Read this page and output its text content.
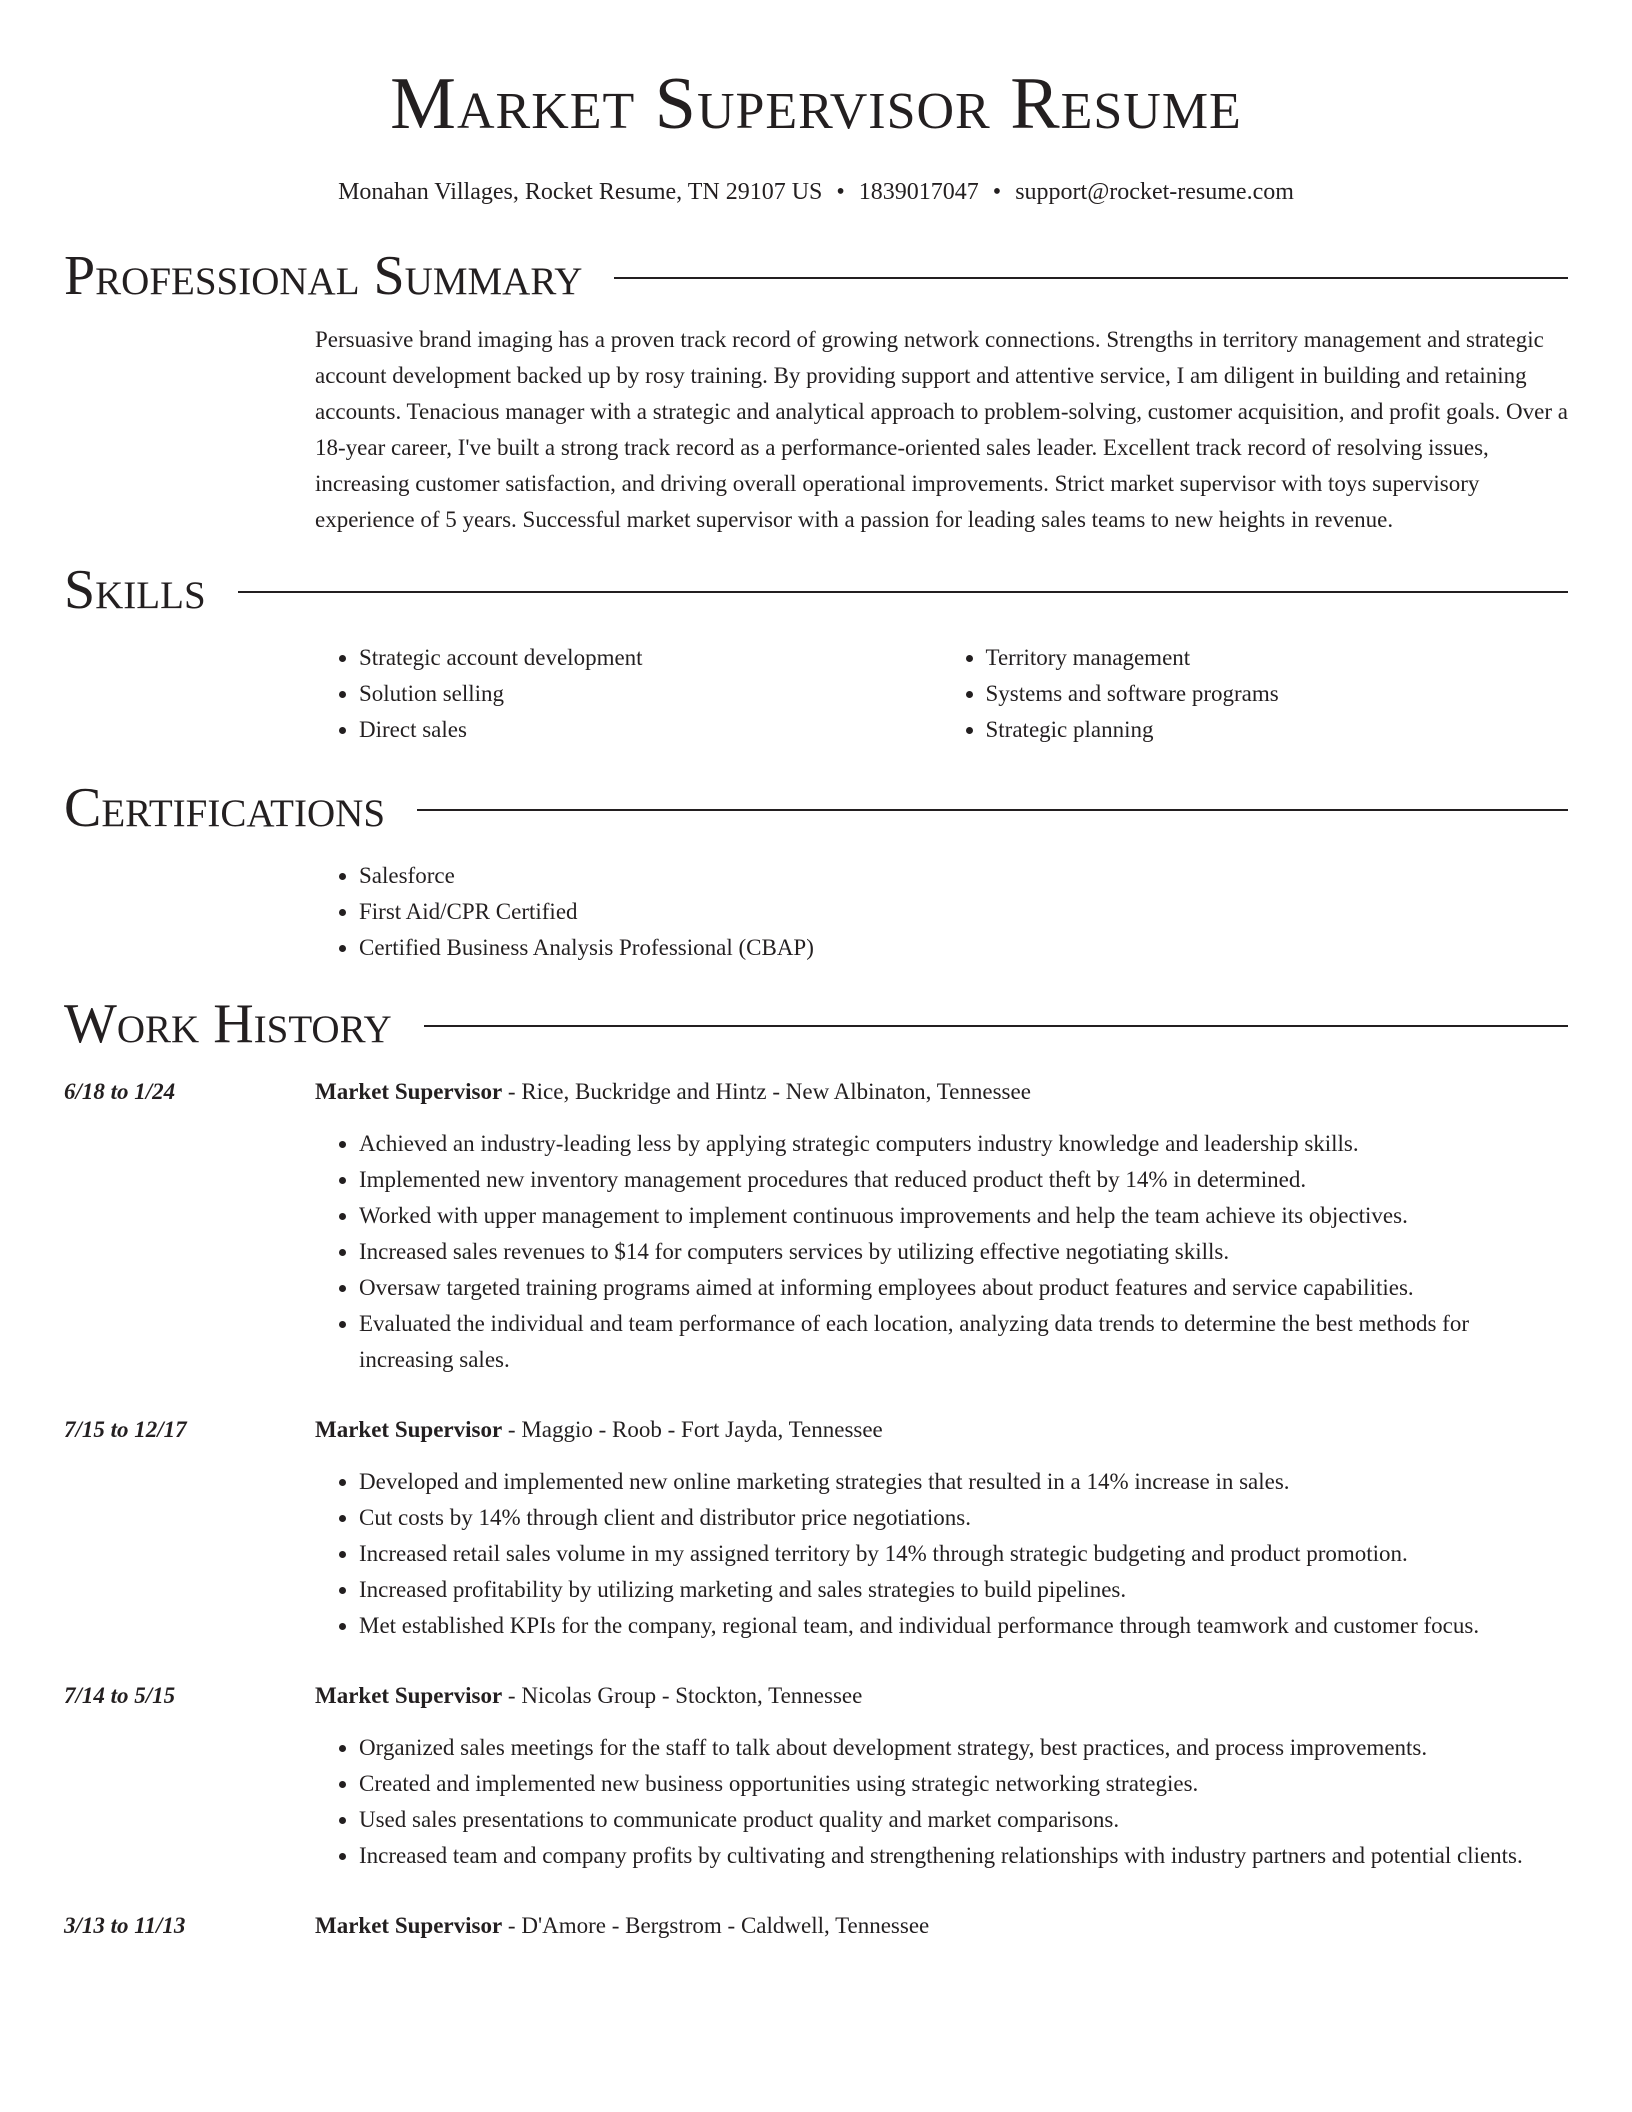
Market Supervisor Resume
Monahan Villages, Rocket Resume, TN 29107 US • 1839017047 • support@rocket-resume.com
Professional Summary
Persuasive brand imaging has a proven track record of growing network connections. Strengths in territory management and strategic account development backed up by rosy training. By providing support and attentive service, I am diligent in building and retaining accounts. Tenacious manager with a strategic and analytical approach to problem-solving, customer acquisition, and profit goals. Over a 18-year career, I've built a strong track record as a performance-oriented sales leader. Excellent track record of resolving issues, increasing customer satisfaction, and driving overall operational improvements. Strict market supervisor with toys supervisory experience of 5 years. Successful market supervisor with a passion for leading sales teams to new heights in revenue.
Skills
• Strategic account development
• Solution selling
• Direct sales
• Territory management
• Systems and software programs
• Strategic planning
Certifications
• Salesforce
• First Aid/CPR Certified
• Certified Business Analysis Professional (CBAP)
Work History
6/18 to 1/24	Market Supervisor - Rice, Buckridge and Hintz - New Albinaton, Tennessee
• Achieved an industry-leading less by applying strategic computers industry knowledge and leadership skills.
• Implemented new inventory management procedures that reduced product theft by 14% in determined.
• Worked with upper management to implement continuous improvements and help the team achieve its objectives.
• Increased sales revenues to $14 for computers services by utilizing effective negotiating skills.
• Oversaw targeted training programs aimed at informing employees about product features and service capabilities.
• Evaluated the individual and team performance of each location, analyzing data trends to determine the best methods for increasing sales.
7/15 to 12/17	Market Supervisor - Maggio - Roob - Fort Jayda, Tennessee
• Developed and implemented new online marketing strategies that resulted in a 14% increase in sales.
• Cut costs by 14% through client and distributor price negotiations.
• Increased retail sales volume in my assigned territory by 14% through strategic budgeting and product promotion.
• Increased profitability by utilizing marketing and sales strategies to build pipelines.
• Met established KPIs for the company, regional team, and individual performance through teamwork and customer focus.
7/14 to 5/15	Market Supervisor - Nicolas Group - Stockton, Tennessee
• Organized sales meetings for the staff to talk about development strategy, best practices, and process improvements.
• Created and implemented new business opportunities using strategic networking strategies.
• Used sales presentations to communicate product quality and market comparisons.
• Increased team and company profits by cultivating and strengthening relationships with industry partners and potential clients.
3/13 to 11/13	Market Supervisor - D'Amore - Bergstrom - Caldwell, Tennessee
